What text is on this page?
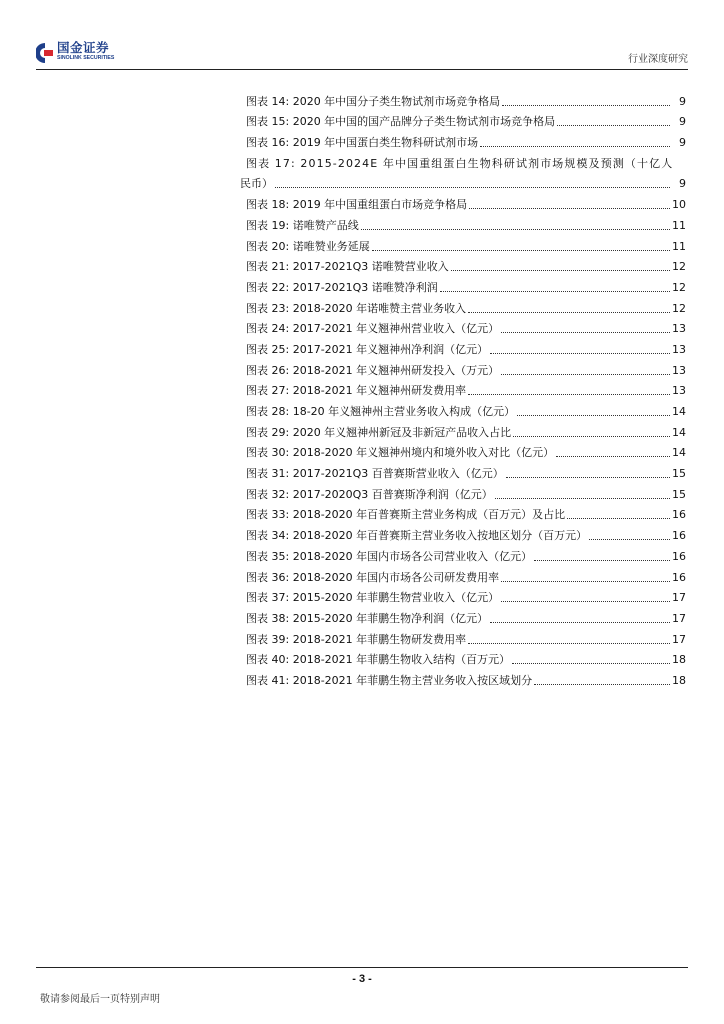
国金证券
SINOLINK SECURITIES	行业深度研究
图表 14: 2020 年中国分子类生物试剂市场竞争格局	9
图表 15: 2020 年中国的国产品牌分子类生物试剂市场竞争格局	9
图表 16: 2019 年中国蛋白类生物科研试剂市场	9
图表 17: 2015-2024E 年中国重组蛋白生物科研试剂市场规模及预测（十亿人
民币）	9
图表 18: 2019 年中国重组蛋白市场竞争格局	10
图表 19: 诺唯赞产品线	11
图表 20: 诺唯赞业务延展	11
图表 21: 2017-2021Q3 诺唯赞营业收入	12
图表 22: 2017-2021Q3 诺唯赞净利润	12
图表 23: 2018-2020 年诺唯赞主营业务收入	12
图表 24: 2017-2021 年义翘神州营业收入（亿元）	13
图表 25: 2017-2021 年义翘神州净利润（亿元）	13
图表 26: 2018-2021 年义翘神州研发投入（万元）	13
图表 27: 2018-2021 年义翘神州研发费用率	13
图表 28: 18-20 年义翘神州主营业务收入构成（亿元）	14
图表 29: 2020 年义翘神州新冠及非新冠产品收入占比	14
图表 30: 2018-2020 年义翘神州境内和境外收入对比（亿元）	14
图表 31: 2017-2021Q3 百普赛斯营业收入（亿元）	15
图表 32: 2017-2020Q3 百普赛斯净利润（亿元）	15
图表 33: 2018-2020 年百普赛斯主营业务构成（百万元）及占比	16
图表 34: 2018-2020 年百普赛斯主营业务收入按地区划分（百万元）	16
图表 35: 2018-2020 年国内市场各公司营业收入（亿元）	16
图表 36: 2018-2020 年国内市场各公司研发费用率	16
图表 37: 2015-2020 年菲鹏生物营业收入（亿元）	17
图表 38: 2015-2020 年菲鹏生物净利润（亿元）	17
图表 39: 2018-2021 年菲鹏生物研发费用率	17
图表 40: 2018-2021 年菲鹏生物收入结构（百万元）	18
图表 41: 2018-2021 年菲鹏生物主营业务收入按区域划分	18
- 3 -
敬请参阅最后一页特别声明
